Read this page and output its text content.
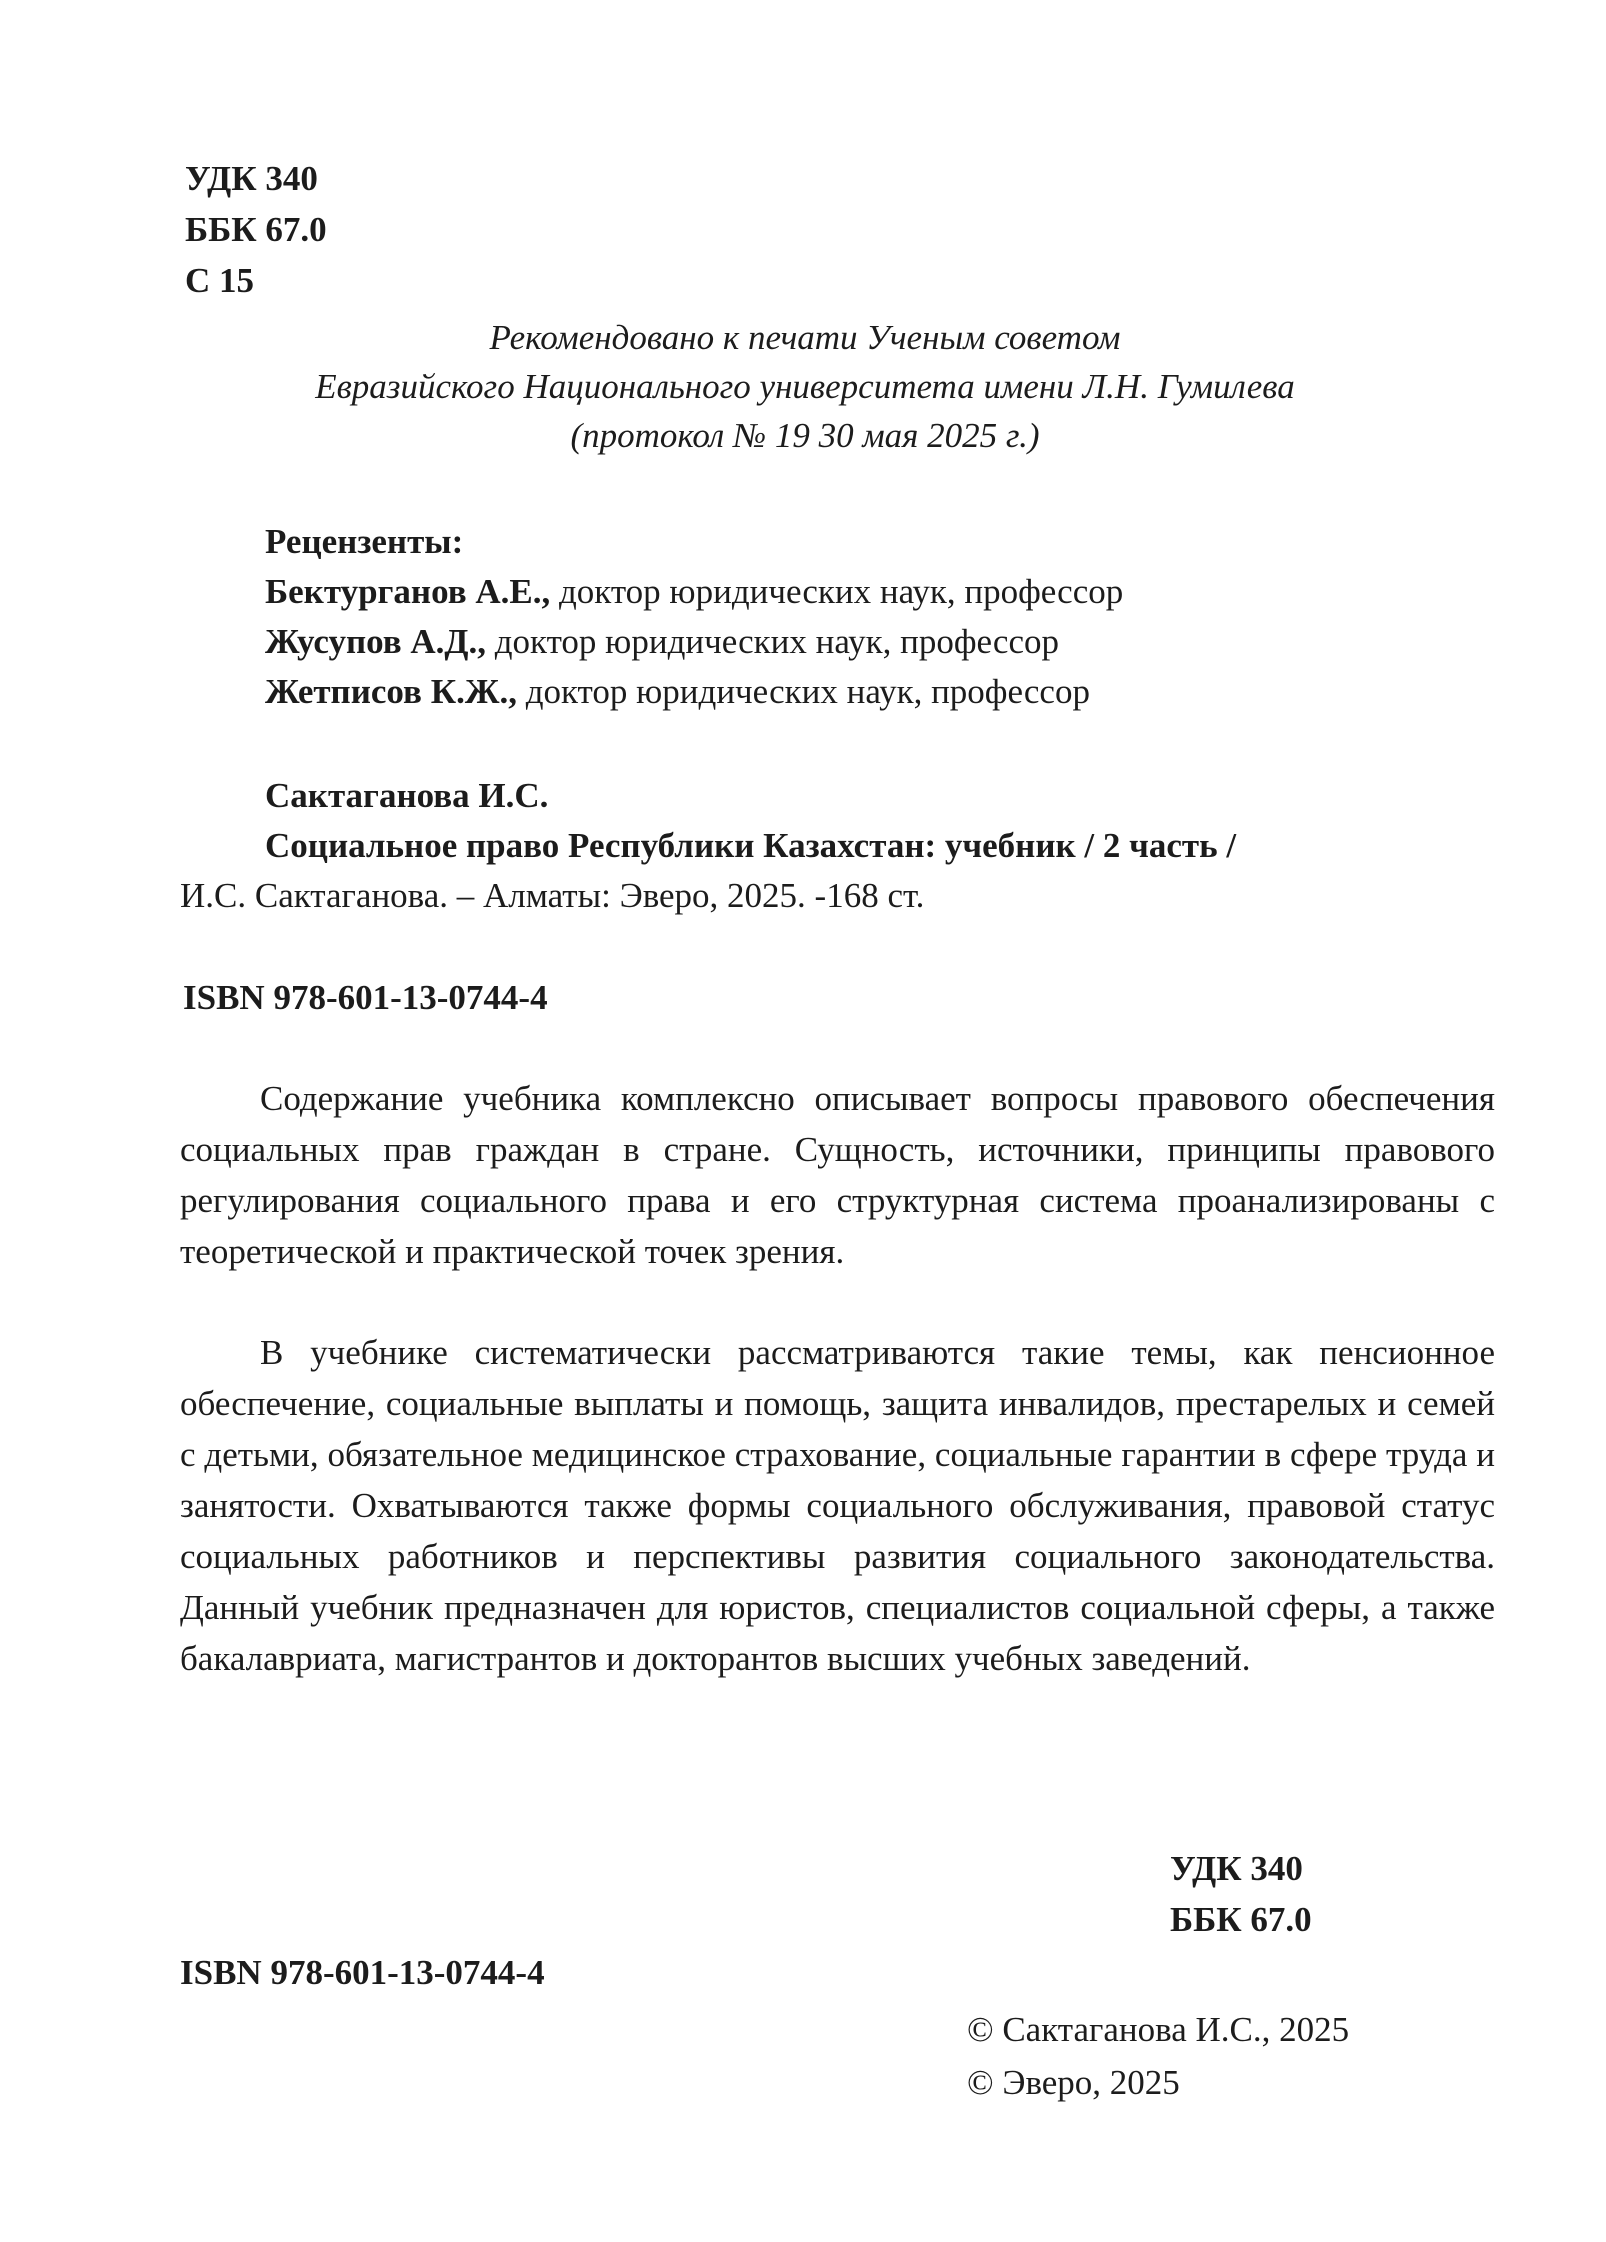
УДК 340
ББК 67.0
С 15
Рекомендовано к печати Ученым советом
Евразийского Национального университета имени Л.Н. Гумилева
(протокол № 19 30 мая 2025 г.)
Рецензенты:
Бектурганов А.Е., доктор юридических наук, профессор
Жусупов А.Д., доктор юридических наук, профессор
Жетписов К.Ж., доктор юридических наук, профессор
Сактаганова И.С.
Социальное право Республики Казахстан: учебник / 2 часть /
И.С. Сактаганова. – Алматы: Эверо, 2025. -168 ст.
ISBN 978-601-13-0744-4
Содержание учебника комплексно описывает вопросы правового обеспечения социальных прав граждан в стране. Сущность, источники, принципы правового регулирования социального права и его структурная система проанализированы с теоретической и практической точек зрения.
В учебнике систематически рассматриваются такие темы, как пенсионное обеспечение, социальные выплаты и помощь, защита инвалидов, престарелых и семей с детьми, обязательное медицинское страхование, социальные гарантии в сфере труда и занятости. Охватываются также формы социального обслуживания, правовой статус социальных работников и перспективы развития социального законодательства. Данный учебник предназначен для юристов, специалистов социальной сферы, а также бакалавриата, магистрантов и докторантов высших учебных заведений.
УДК 340
ББК 67.0
ISBN 978-601-13-0744-4
© Сактаганова И.С., 2025
© Эверо, 2025
